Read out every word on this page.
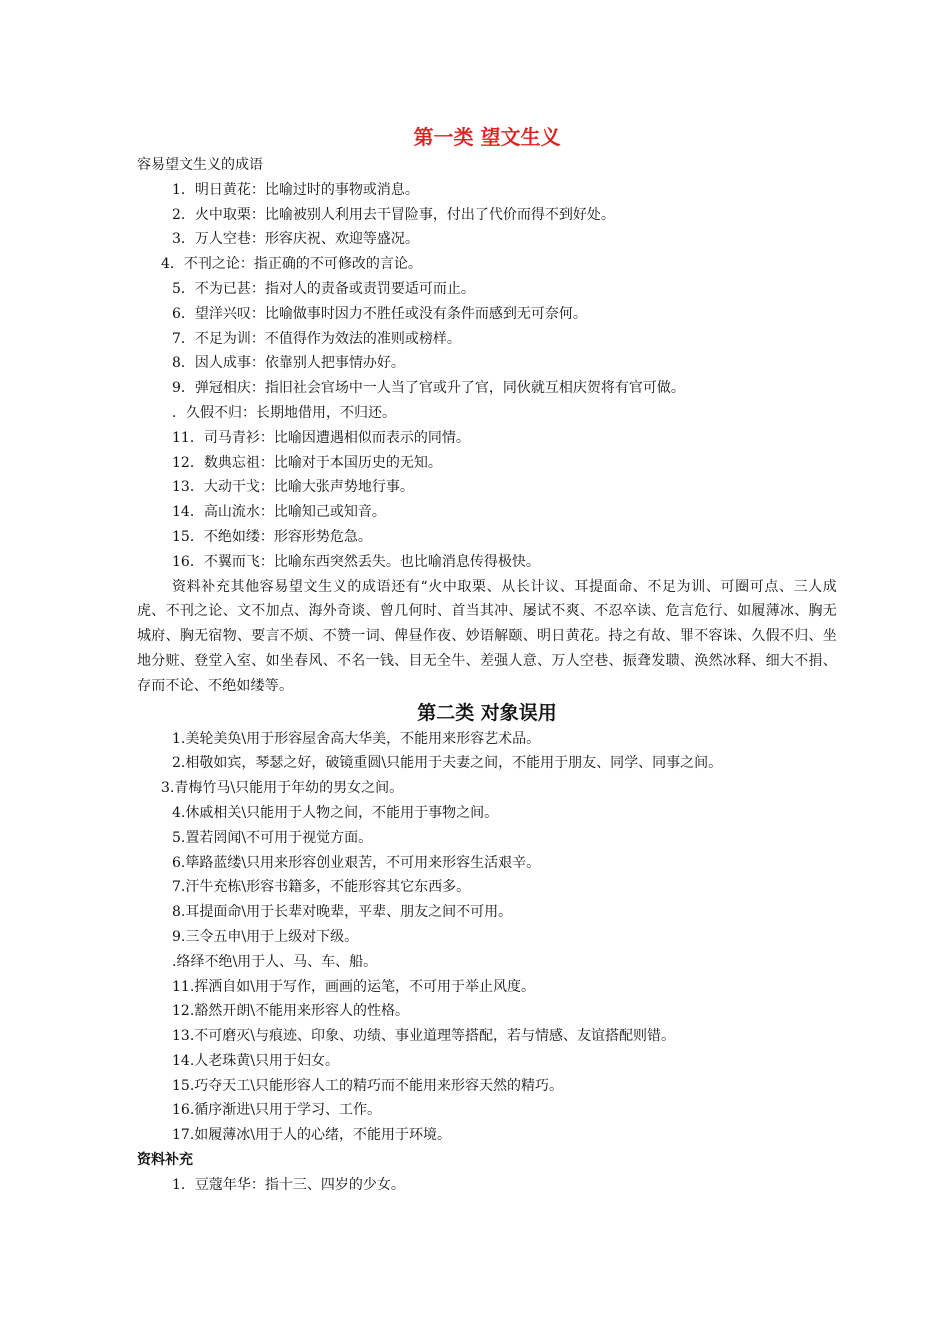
第一类 望文生义
容易望文生义的成语
1．明日黄花：比喻过时的事物或消息。
2．火中取栗：比喻被别人利用去干冒险事，付出了代价而得不到好处。
3．万人空巷：形容庆祝、欢迎等盛况。
4．不刊之论：指正确的不可修改的言论。
5．不为已甚：指对人的责备或责罚要适可而止。
6．望洋兴叹：比喻做事时因力不胜任或没有条件而感到无可奈何。
7．不足为训：不值得作为效法的准则或榜样。
8．因人成事：依靠别人把事情办好。
9．弹冠相庆：指旧社会官场中一人当了官或升了官，同伙就互相庆贺将有官可做。
．久假不归：长期地借用，不归还。
11．司马青衫：比喻因遭遇相似而表示的同情。
12．数典忘祖：比喻对于本国历史的无知。
13．大动干戈：比喻大张声势地行事。
14．高山流水：比喻知己或知音。
15．不绝如缕：形容形势危急。
16．不翼而飞：比喻东西突然丢失。也比喻消息传得极快。
资料补充其他容易望文生义的成语还有“火中取栗、从长计议、耳提面命、不足为训、可圈可点、三人成虎、不刊之论、文不加点、海外奇谈、曾几何时、首当其冲、屡试不爽、不忍卒读、危言危行、如履薄冰、胸无城府、胸无宿物、要言不烦、不赞一词、俾昼作夜、妙语解颐、明日黄花。持之有故、罪不容诛、久假不归、坐地分赃、登堂入室、如坐春风、不名一钱、目无全牛、差强人意、万人空巷、振聋发聩、涣然冰释、细大不捐、存而不论、不绝如缕等。
第二类 对象误用
1.美轮美奂\用于形容屋舍高大华美，不能用来形容艺术品。
2.相敬如宾，琴瑟之好，破镜重圆\只能用于夫妻之间，不能用于朋友、同学、同事之间。
3.青梅竹马\只能用于年幼的男女之间。
4.休戚相关\只能用于人物之间，不能用于事物之间。
5.置若罔闻\不可用于视觉方面。
6.筚路蓝缕\只用来形容创业艰苦，不可用来形容生活艰辛。
7.汗牛充栋\形容书籍多，不能形容其它东西多。
8.耳提面命\用于长辈对晚辈，平辈、朋友之间不可用。
9.三令五申\用于上级对下级。
.络绎不绝\用于人、马、车、船。
11.挥洒自如\用于写作，画画的运笔，不可用于举止风度。
12.豁然开朗\不能用来形容人的性格。
13.不可磨灭\与痕迹、印象、功绩、事业道理等搭配，若与情感、友谊搭配则错。
14.人老珠黄\只用于妇女。
15.巧夺天工\只能形容人工的精巧而不能用来形容天然的精巧。
16.循序渐进\只用于学习、工作。
17.如履薄冰\用于人的心绪，不能用于环境。
资料补充
1．豆蔻年华：指十三、四岁的少女。
